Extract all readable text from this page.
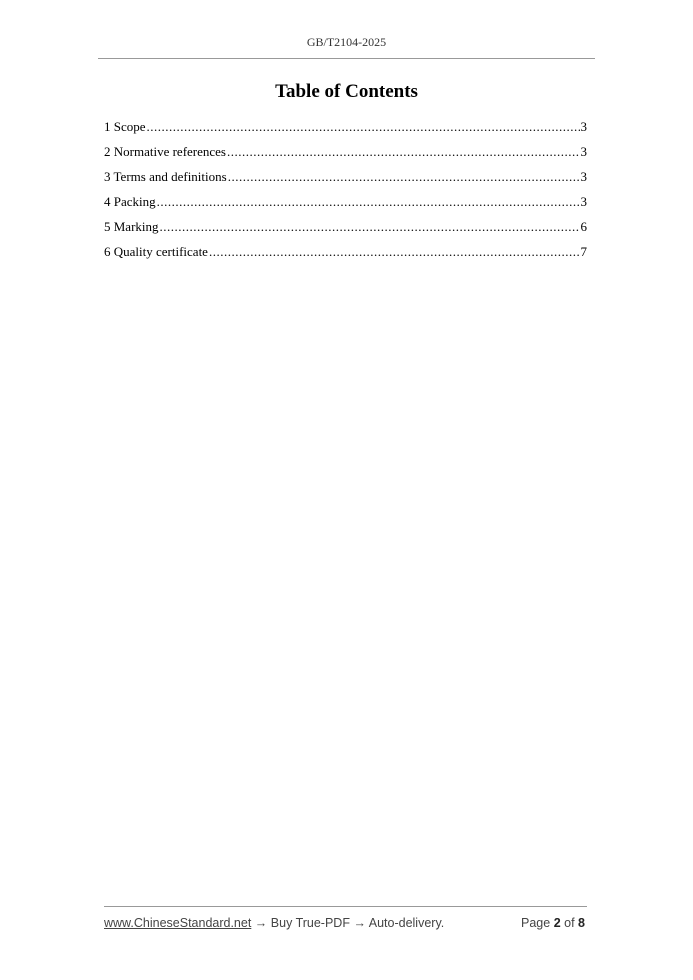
GB/T2104-2025
Table of Contents
1 Scope .....	3
2 Normative references .....	3
3 Terms and definitions .....	3
4 Packing .....	3
5 Marking .....	6
6 Quality certificate .....	7
www.ChineseStandard.net → Buy True-PDF → Auto-delivery.	Page 2 of 8
